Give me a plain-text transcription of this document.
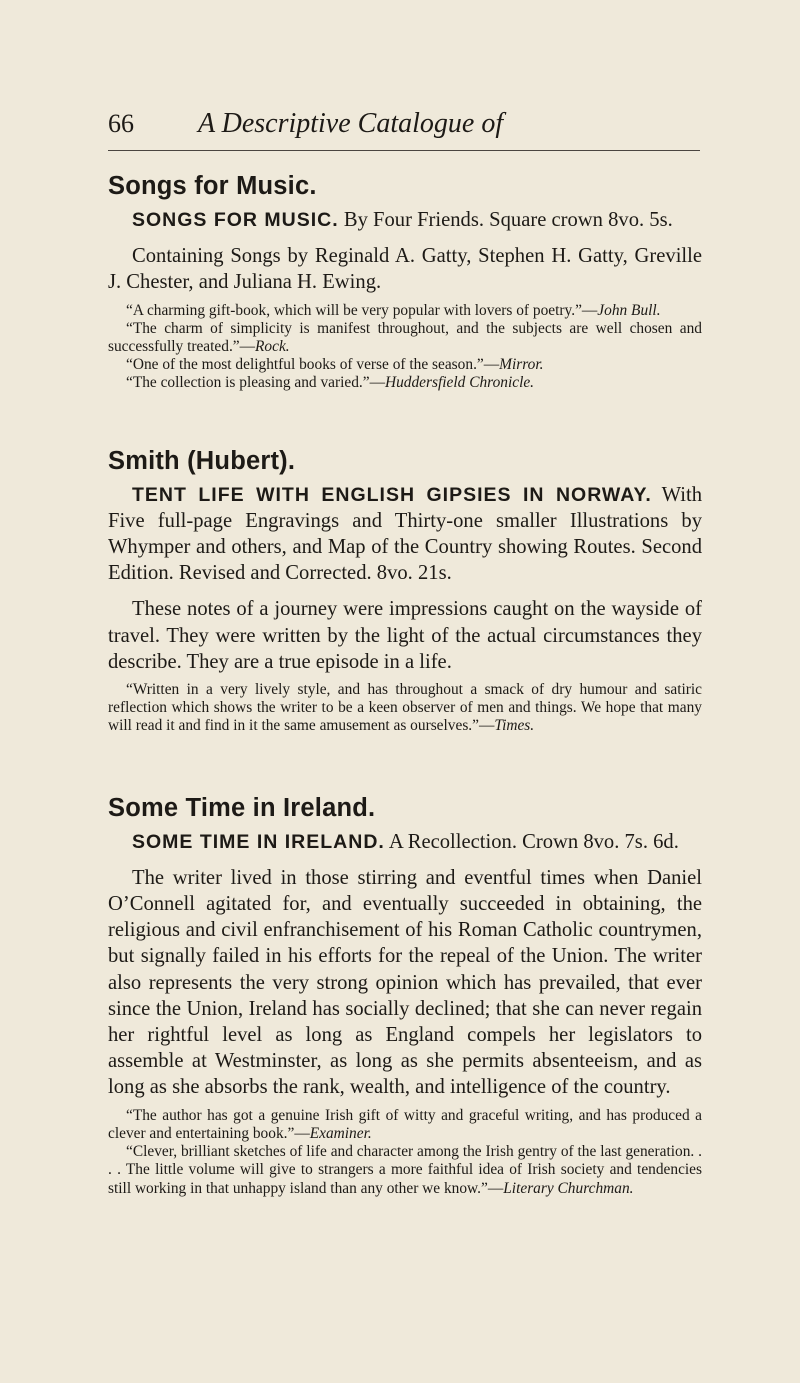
66 A Descriptive Catalogue of
Songs for Music.

SONGS FOR MUSIC. By Four Friends. Square crown 8vo. 5s.

Containing Songs by Reginald A. Gatty, Stephen H. Gatty, Greville J. Chester, and Juliana H. Ewing.

“A charming gift-book, which will be very popular with lovers of poetry.”—John Bull.

“The charm of simplicity is manifest throughout, and the subjects are well chosen and successfully treated.”—Rock.

“One of the most delightful books of verse of the season.”—Mirror.

“The collection is pleasing and varied.”—Huddersfield Chronicle.

Smith (Hubert).

TENT LIFE WITH ENGLISH GIPSIES IN NORWAY. With Five full-page Engravings and Thirty-one smaller Illustrations by Whymper and others, and Map of the Country showing Routes. Second Edition. Revised and Corrected. 8vo. 21s.

These notes of a journey were impressions caught on the wayside of travel. They were written by the light of the actual circumstances they describe. They are a true episode in a life.

“Written in a very lively style, and has throughout a smack of dry humour and satiric reflection which shows the writer to be a keen observer of men and things. We hope that many will read it and find in it the same amusement as ourselves.”—Times.

Some Time in Ireland.

SOME TIME IN IRELAND. A Recollection. Crown 8vo. 7s. 6d.

The writer lived in those stirring and eventful times when Daniel O’Connell agitated for, and eventually succeeded in obtaining, the religious and civil enfranchisement of his Roman Catholic countrymen, but signally failed in his efforts for the repeal of the Union. The writer also represents the very strong opinion which has prevailed, that ever since the Union, Ireland has socially declined; that she can never regain her rightful level as long as England compels her legislators to assemble at Westminster, as long as she permits absenteeism, and as long as she absorbs the rank, wealth, and intelligence of the country.

“The author has got a genuine Irish gift of witty and graceful writing, and has produced a clever and entertaining book.”—Examiner.

“Clever, brilliant sketches of life and character among the Irish gentry of the last generation. . . . The little volume will give to strangers a more faithful idea of Irish society and tendencies still working in that unhappy island than any other we know.”—Literary Churchman.
